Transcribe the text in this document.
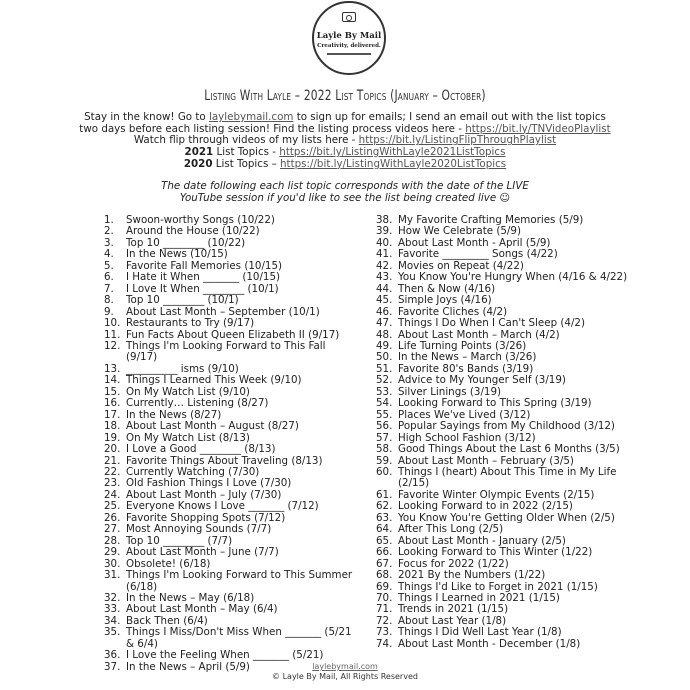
Layle By Mail
Creativity, delivered.
Listing With Layle – 2022 List Topics (January – October)
Stay in the know! Go to laylebymail.com to sign up for emails; I send an email out with the list topics
two days before each listing session! Find the listing process videos here - https://bit.ly/TNVideoPlaylist
Watch flip through videos of my lists here - https://bit.ly/ListingFlipThroughPlaylist
2021 List Topics - https://bit.ly/ListingWithLayle2021ListTopics
2020 List Topics – https://bit.ly/ListingWithLayle2020ListTopics
The date following each list topic corresponds with the date of the LIVE
YouTube session if you'd like to see the list being created live ☺
1.	Swoon-worthy Songs (10/22)
2.	Around the House (10/22)
3.	Top 10 ________ (10/22)
4.	In the News (10/15)
5.	Favorite Fall Memories (10/15)
6.	I Hate it When _______ (10/15)
7.	I Love It When ________ (10/1)
8.	Top 10 ________ (10/1)
9.	About Last Month – September (10/1)
10. Restaurants to Try (9/17)
11. Fun Facts About Queen Elizabeth II (9/17)
12. Things I'm Looking Forward to This Fall (9/17)
13. __________ isms (9/10)
14. Things I Learned This Week (9/10)
15. On My Watch List (9/10)
16. Currently… Listening (8/27)
17. In the News (8/27)
18. About Last Month – August (8/27)
19. On My Watch List (8/13)
20. I Love a Good ________ (8/13)
21. Favorite Things About Traveling (8/13)
22. Currently Watching (7/30)
23. Old Fashion Things I Love (7/30)
24. About Last Month – July (7/30)
25. Everyone Knows I Love _______ (7/12)
26. Favorite Shopping Spots (7/12)
27. Most Annoying Sounds (7/7)
28. Top 10 ________ (7/7)
29. About Last Month – June (7/7)
30. Obsolete! (6/18)
31. Things I'm Looking Forward to This Summer (6/18)
32. In the News – May (6/18)
33. About Last Month – May (6/4)
34. Back Then (6/4)
35. Things I Miss/Don't Miss When _______ (5/21 & 6/4)
36. I Love the Feeling When _______ (5/21)
37. In the News – April (5/9)
38. My Favorite Crafting Memories (5/9)
39. How We Celebrate (5/9)
40. About Last Month - April (5/9)
41. Favorite _________ Songs (4/22)
42. Movies on Repeat (4/22)
43. You Know You're Hungry When (4/16 & 4/22)
44. Then & Now (4/16)
45. Simple Joys (4/16)
46. Favorite Cliches (4/2)
47. Things I Do When I Can't Sleep (4/2)
48. About Last Month – March (4/2)
49. Life Turning Points (3/26)
50. In the News – March (3/26)
51. Favorite 80's Bands (3/19)
52. Advice to My Younger Self (3/19)
53. Silver Linings (3/19)
54. Looking Forward to This Spring (3/19)
55. Places We've Lived (3/12)
56. Popular Sayings from My Childhood (3/12)
57. High School Fashion (3/12)
58. Good Things About the Last 6 Months (3/5)
59. About Last Month – February (3/5)
60. Things I (heart) About This Time in My Life (2/15)
61. Favorite Winter Olympic Events (2/15)
62. Looking Forward to in 2022 (2/15)
63. You Know You're Getting Older When (2/5)
64. After This Long (2/5)
65. About Last Month - January (2/5)
66. Looking Forward to This Winter (1/22)
67. Focus for 2022 (1/22)
68. 2021 By the Numbers (1/22)
69. Things I'd Like to Forget in 2021 (1/15)
70. Things I Learned in 2021 (1/15)
71. Trends in 2021 (1/15)
72. About Last Year (1/8)
73. Things I Did Well Last Year (1/8)
74. About Last Month - December (1/8)
laylebymail.com
© Layle By Mail, All Rights Reserved
